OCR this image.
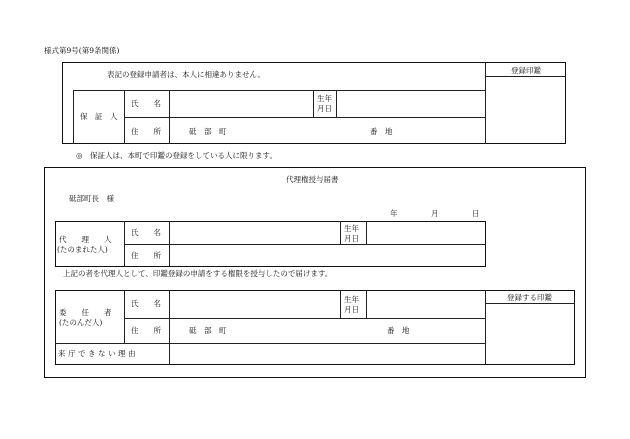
様式第9号(第9条関係)
登録印鑑
表記の登録申請者は、本人に相違ありません。
保　証　人
氏　　名
生年
月日
住　　所	砥　部　町	番　地
◎　保証人は、本町で印鑑の登録をしている人に限ります。
代理権授与届書
砥部町長　様
年	月	日
代　　理　　人
(たのまれた人)
氏　　名	生年
月日
住　　所
上記の者を代理人として、印鑑登録の申請をする権限を授与したので届けます。
委　　任　　者
(たのんだ人)
氏　　名	生年
月日
登録する印鑑
住　　所	砥　部　町	番　地
来庁できない理由
